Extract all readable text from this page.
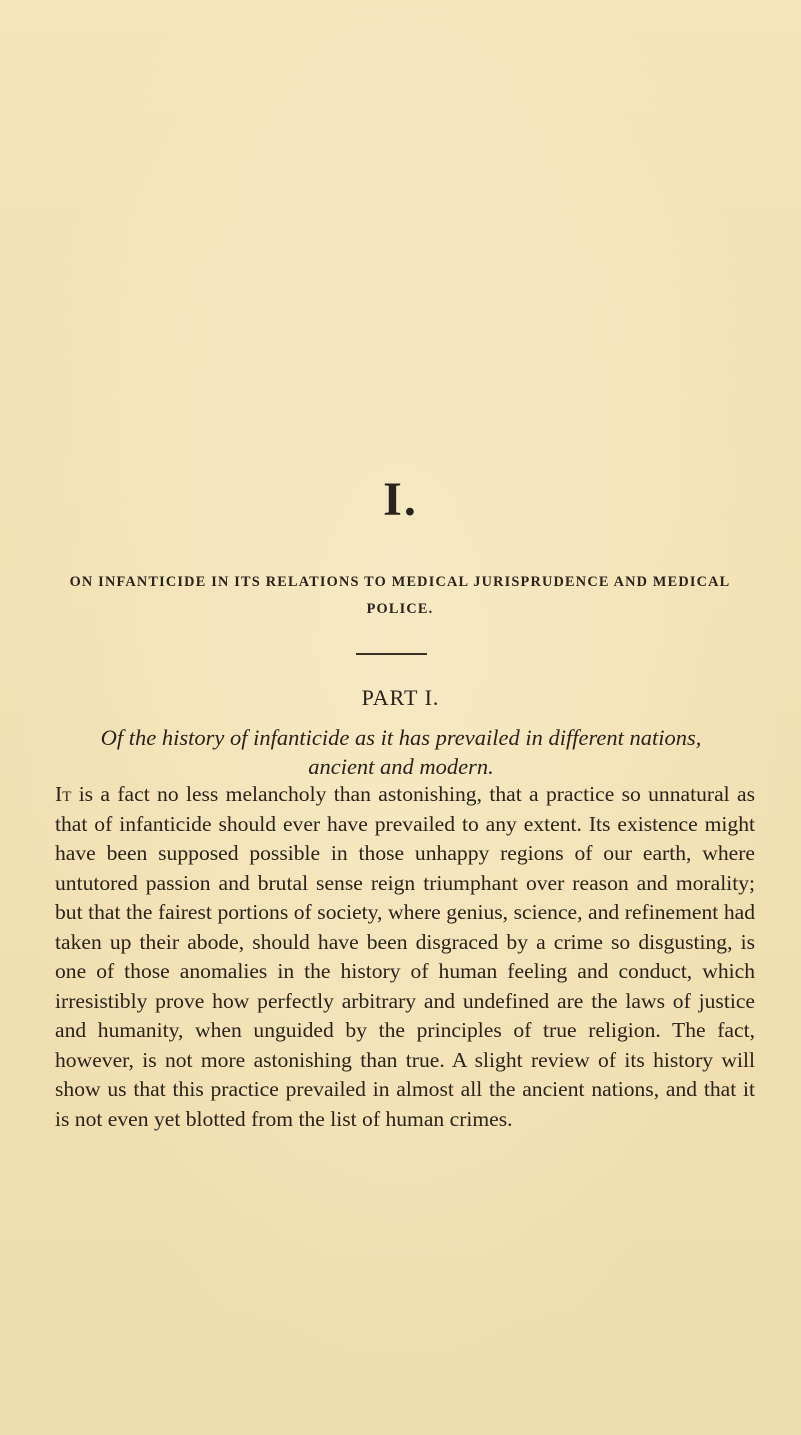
I.
ON INFANTICIDE IN ITS RELATIONS TO MEDICAL JURISPRUDENCE AND MEDICAL POLICE.
PART I.
Of the history of infanticide as it has prevailed in different nations, ancient and modern.
It is a fact no less melancholy than astonishing, that a practice so unnatural as that of infanticide should ever have prevailed to any extent. Its existence might have been supposed possible in those unhappy regions of our earth, where untutored passion and brutal sense reign triumphant over reason and morality; but that the fairest portions of society, where genius, science, and refinement had taken up their abode, should have been disgraced by a crime so disgusting, is one of those anomalies in the history of human feeling and conduct, which irresistibly prove how perfectly arbitrary and undefined are the laws of justice and humanity, when unguided by the principles of true religion. The fact, however, is not more astonishing than true. A slight review of its history will show us that this practice prevailed in almost all the ancient nations, and that it is not even yet blotted from the list of human crimes.
